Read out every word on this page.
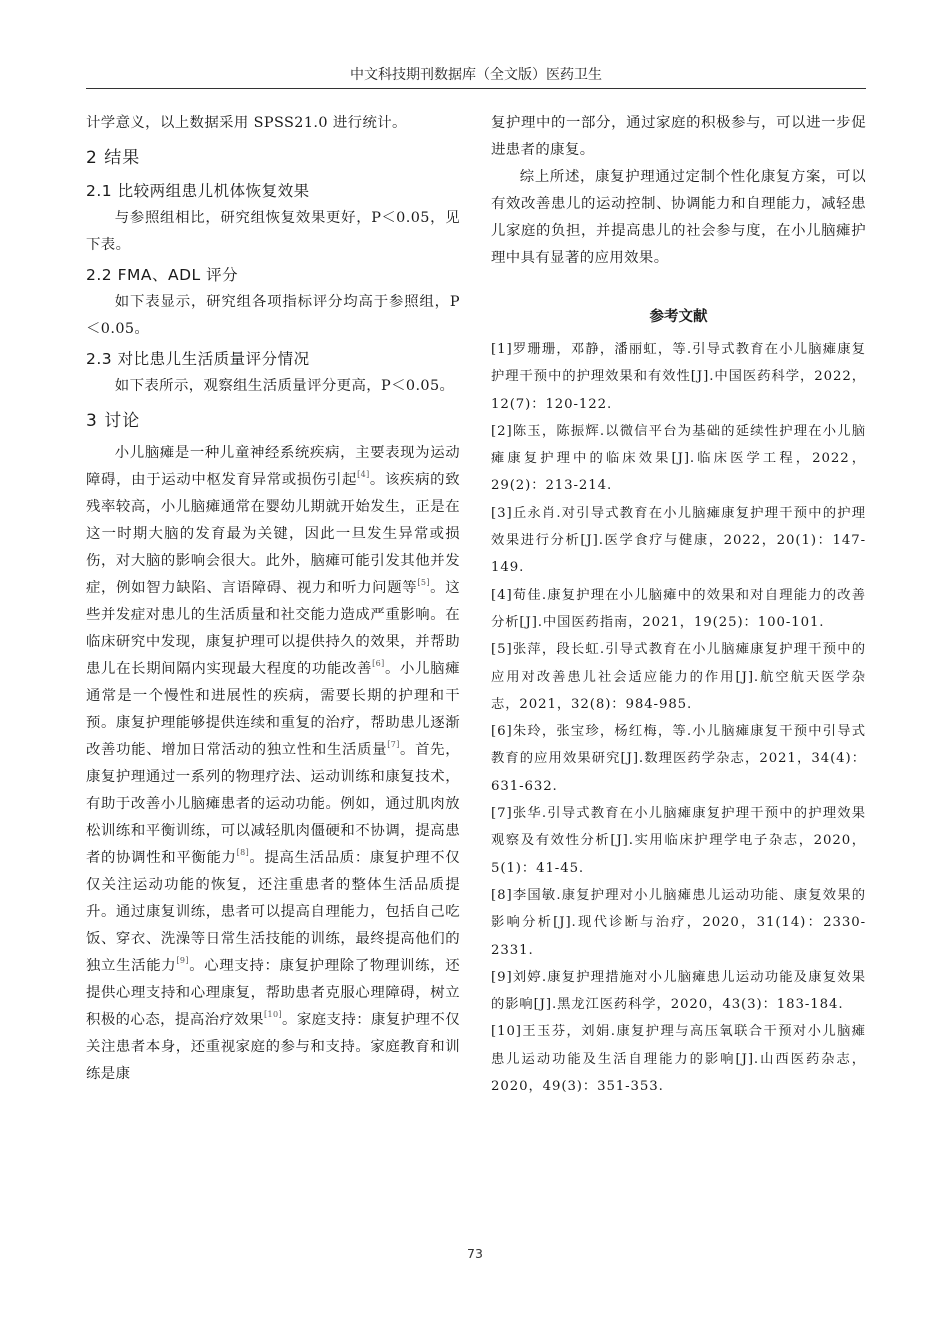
中文科技期刊数据库（全文版）医药卫生

计学意义，以上数据采用 SPSS21.0 进行统计。

2 结果
2.1 比较两组患儿机体恢复效果

与参照组相比，研究组恢复效果更好，P＜0.05，见下表。

2.2 FMA、ADL 评分

如下表显示，研究组各项指标评分均高于参照组，P＜0.05。

2.3 对比患儿生活质量评分情况

如下表所示，观察组生活质量评分更高，P＜0.05。

3 讨论

小儿脑瘫是一种儿童神经系统疾病，主要表现为运动障碍，由于运动中枢发育异常或损伤引起[4]。该疾病的致残率较高，小儿脑瘫通常在婴幼儿期就开始发生，正是在这一时期大脑的发育最为关键，因此一旦发生异常或损伤，对大脑的影响会很大。此外，脑瘫可能引发其他并发症，例如智力缺陷、言语障碍、视力和听力问题等[5]。这些并发症对患儿的生活质量和社交能力造成严重影响。在临床研究中发现，康复护理可以提供持久的效果，并帮助患儿在长期间隔内实现最大程度的功能改善[6]。小儿脑瘫通常是一个慢性和进展性的疾病，需要长期的护理和干预。康复护理能够提供连续和重复的治疗，帮助患儿逐渐改善功能、增加日常活动的独立性和生活质量[7]。首先，康复护理通过一系列的物理疗法、运动训练和康复技术，有助于改善小儿脑瘫患者的运动功能。例如，通过肌肉放松训练和平衡训练，可以减轻肌肉僵硬和不协调，提高患者的协调性和平衡能力[8]。提高生活品质：康复护理不仅仅关注运动功能的恢复，还注重患者的整体生活品质提升。通过康复训练，患者可以提高自理能力，包括自己吃饭、穿衣、洗澡等日常生活技能的训练，最终提高他们的独立生活能力[9]。心理支持：康复护理除了物理训练，还提供心理支持和心理康复，帮助患者克服心理障碍，树立积极的心态，提高治疗效果[10]。家庭支持：康复护理不仅关注患者本身，还重视家庭的参与和支持。家庭教育和训练是康

复护理中的一部分，通过家庭的积极参与，可以进一步促进患者的康复。

综上所述，康复护理通过定制个性化康复方案，可以有效改善患儿的运动控制、协调能力和自理能力，减轻患儿家庭的负担，并提高患儿的社会参与度，在小儿脑瘫护理中具有显著的应用效果。

参考文献

[1]罗珊珊，邓静，潘丽虹，等.引导式教育在小儿脑瘫康复护理干预中的护理效果和有效性[J].中国医药科学，2022，12(7)：120-122.

[2]陈玉，陈振辉.以微信平台为基础的延续性护理在小儿脑瘫康复护理中的临床效果[J].临床医学工程，2022，29(2)：213-214.

[3]丘永肖.对引导式教育在小儿脑瘫康复护理干预中的护理效果进行分析[J].医学食疗与健康，2022，20(1)：147-149.

[4]荀佳.康复护理在小儿脑瘫中的效果和对自理能力的改善分析[J].中国医药指南，2021，19(25)：100-101.

[5]张萍，段长虹.引导式教育在小儿脑瘫康复护理干预中的应用对改善患儿社会适应能力的作用[J].航空航天医学杂志，2021，32(8)：984-985.

[6]朱玲，张宝珍，杨红梅，等.小儿脑瘫康复干预中引导式教育的应用效果研究[J].数理医药学杂志，2021，34(4)：631-632.

[7]张华.引导式教育在小儿脑瘫康复护理干预中的护理效果观察及有效性分析[J].实用临床护理学电子杂志，2020，5(1)：41-45.

[8]李国敏.康复护理对小儿脑瘫患儿运动功能、康复效果的影响分析[J].现代诊断与治疗，2020，31(14)：2330-2331.

[9]刘婷.康复护理措施对小儿脑瘫患儿运动功能及康复效果的影响[J].黑龙江医药科学，2020，43(3)：183-184.

[10]王玉芬，刘娟.康复护理与高压氧联合干预对小儿脑瘫患儿运动功能及生活自理能力的影响[J].山西医药杂志，2020，49(3)：351-353.

73
